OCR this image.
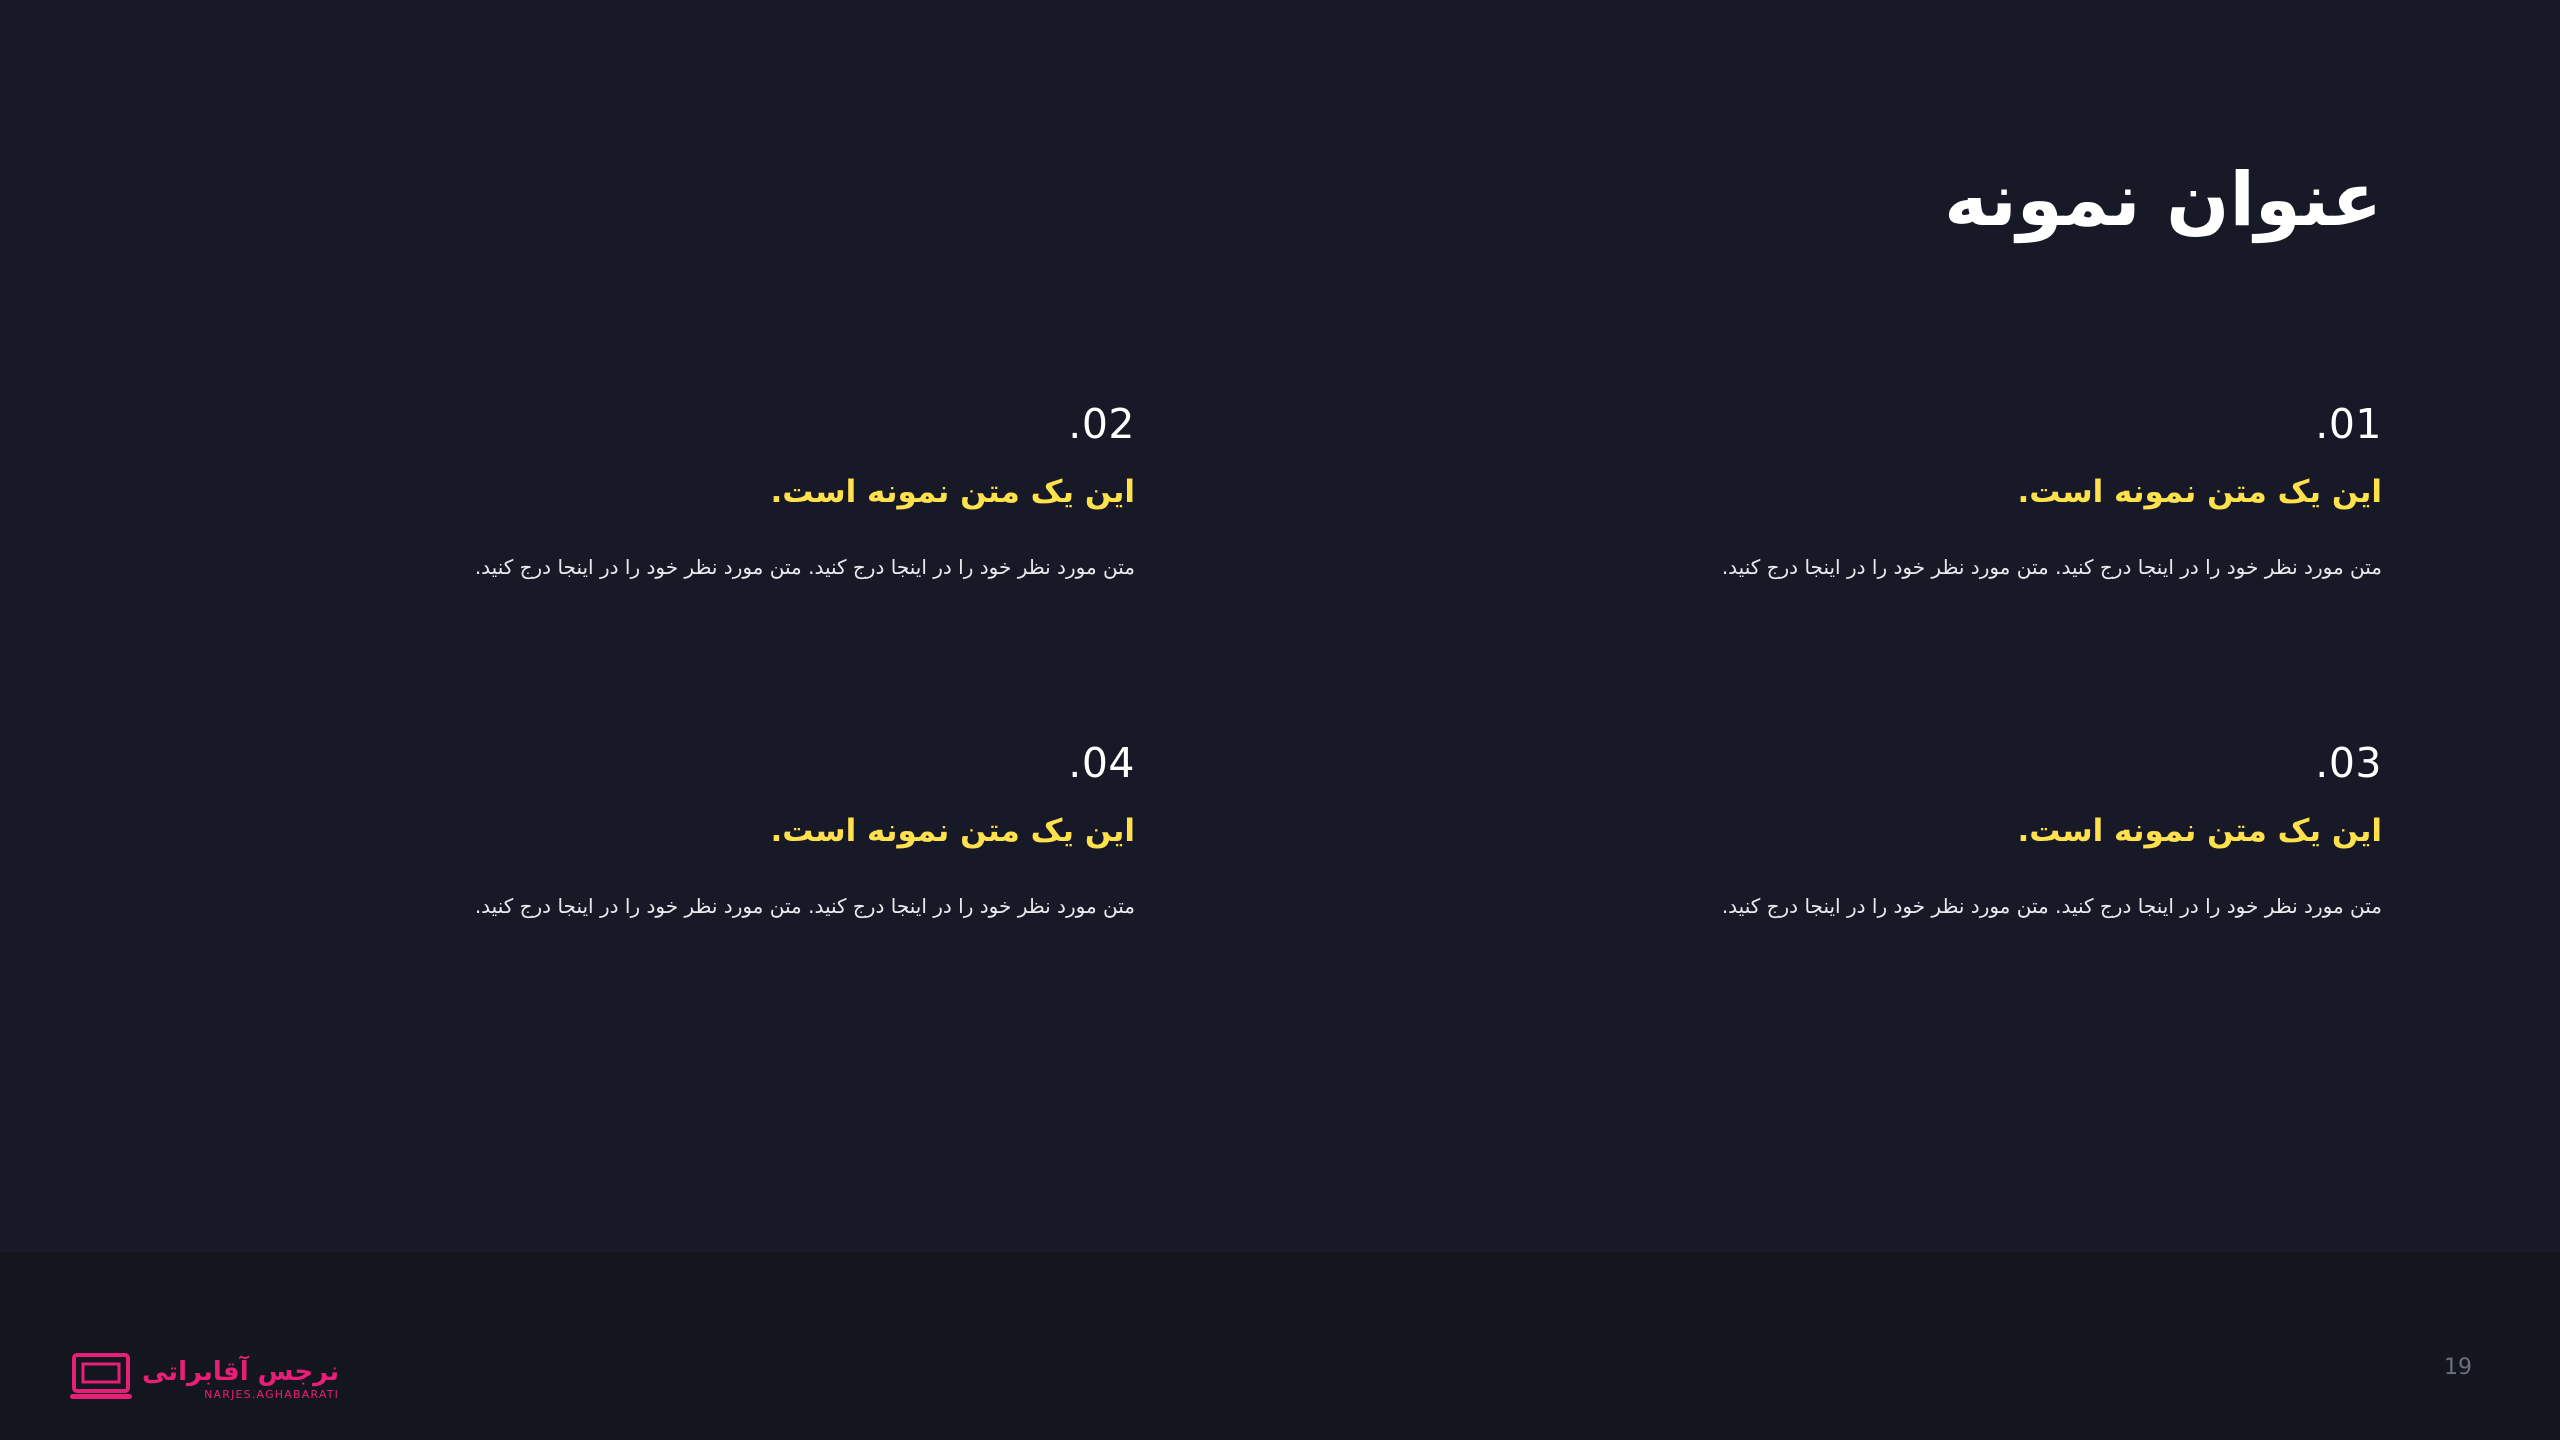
عنوان نمونه
.01
این یک متن نمونه است.
متن مورد نظر خود را در اینجا درج کنید. متن مورد نظر خود را در اینجا درج کنید.
.02
این یک متن نمونه است.
متن مورد نظر خود را در اینجا درج کنید. متن مورد نظر خود را در اینجا درج کنید.
.03
این یک متن نمونه است.
متن مورد نظر خود را در اینجا درج کنید. متن مورد نظر خود را در اینجا درج کنید.
.04
این یک متن نمونه است.
متن مورد نظر خود را در اینجا درج کنید. متن مورد نظر خود را در اینجا درج کنید.
نرجس آقابراتی
NARJES.AGHABARATI
19
